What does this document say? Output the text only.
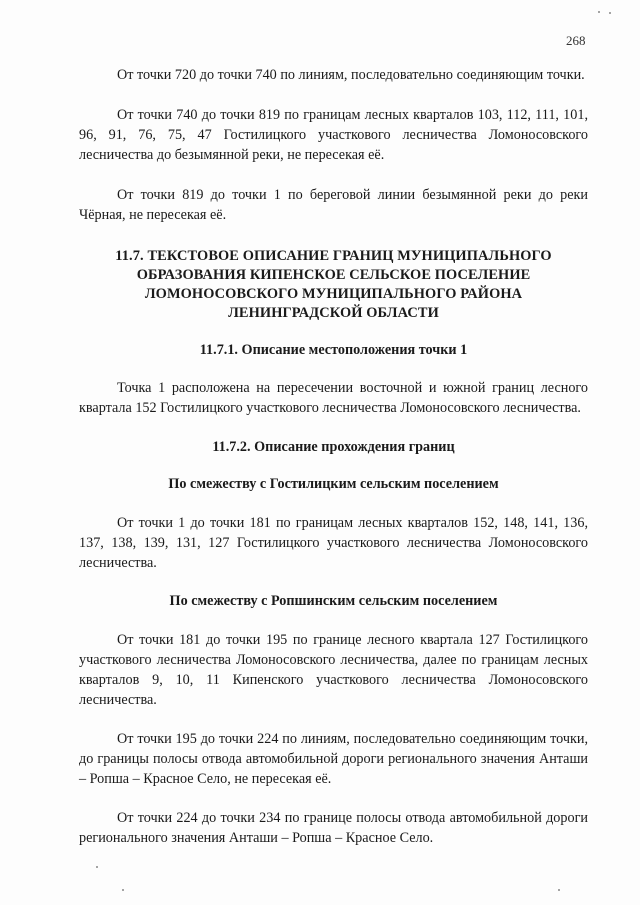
268

От точки 720 до точки 740 по линиям, последовательно соединяющим точки.

От точки 740 до точки 819 по границам лесных кварталов 103, 112, 111, 101, 96, 91, 76, 75, 47 Гостилицкого участкового лесничества Ломоносовского лесничества до безымянной реки, не пересекая её.

От точки 819 до точки 1 по береговой линии безымянной реки до реки Чёрная, не пересекая её.

11.7. ТЕКСТОВОЕ ОПИСАНИЕ ГРАНИЦ МУНИЦИПАЛЬНОГО ОБРАЗОВАНИЯ КИПЕНСКОЕ СЕЛЬСКОЕ ПОСЕЛЕНИЕ ЛОМОНОСОВСКОГО МУНИЦИПАЛЬНОГО РАЙОНА ЛЕНИНГРАДСКОЙ ОБЛАСТИ

11.7.1. Описание местоположения точки 1

Точка 1 расположена на пересечении восточной и южной границ лесного квартала 152 Гостилицкого участкового лесничества Ломоносовского лесничества.

11.7.2. Описание прохождения границ

По смежеству с Гостилицким сельским поселением

От точки 1 до точки 181 по границам лесных кварталов 152, 148, 141, 136, 137, 138, 139, 131, 127 Гостилицкого участкового лесничества Ломоносовского лесничества.

По смежеству с Ропшинским сельским поселением

От точки 181 до точки 195 по границе лесного квартала 127 Гостилицкого участкового лесничества Ломоносовского лесничества, далее по границам лесных кварталов 9, 10, 11 Кипенского участкового лесничества Ломоносовского лесничества.

От точки 195 до точки 224 по линиям, последовательно соединяющим точки, до границы полосы отвода автомобильной дороги регионального значения Анташи – Ропша – Красное Село, не пересекая её.

От точки 224 до точки 234 по границе полосы отвода автомобильной дороги регионального значения Анташи – Ропша – Красное Село.
